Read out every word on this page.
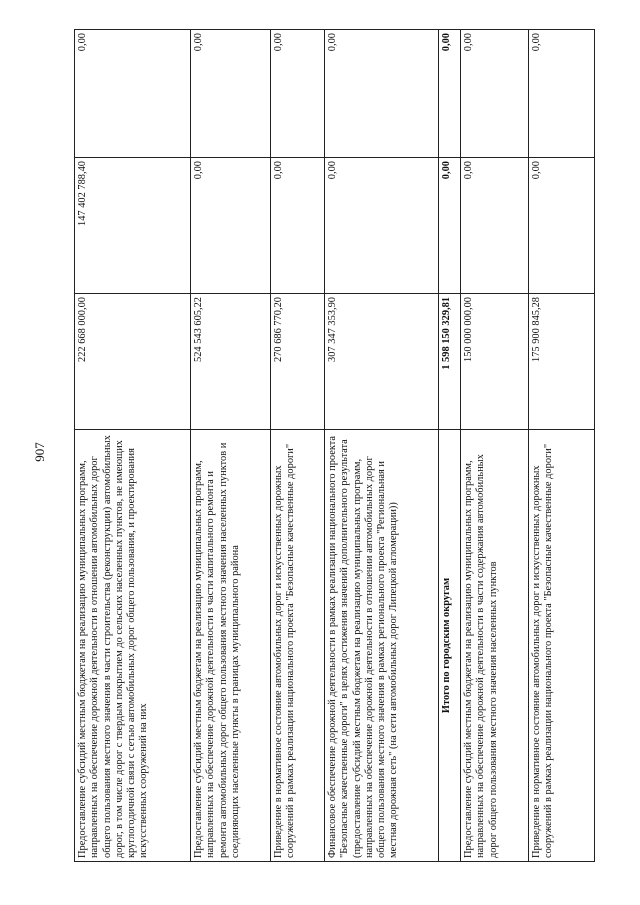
907
Предоставление субсидий местным бюджетам на реализацию муниципальных программ, направленных на обеспечение дорожной деятельности в отношении автомобильных дорог общего пользования местного значения в части строительства (реконструкции) автомобильных дорог, в том числе дорог с твердым покрытием до сельских населенных пунктов, не имеющих круглогодичной связи с сетью автомобильных дорог общего пользования, и проектирования искусственных сооружений на них	222 668 000,00	147 402 788,40	0,00
Предоставление субсидий местным бюджетам на реализацию муниципальных программ, направленных на обеспечение дорожной деятельности в части капитального ремонта и ремонта автомобильных дорог общего пользования местного значения населенных пунктов и соединяющих населенные пункты в границах муниципального района	524 543 605,22	0,00	0,00
Приведение в нормативное состояние автомобильных дорог и искусственных дорожных сооружений в рамках реализации национального проекта "Безопасные качественные дороги"	270 686 770,20	0,00	0,00
Финансовое обеспечение дорожной деятельности в рамках реализации национального проекта "Безопасные качественные дороги" в целях достижения значений дополнительного результата (предоставление субсидий местным бюджетам на реализацию муниципальных программ, направленных на обеспечение дорожной деятельности в отношении автомобильных дорог общего пользования местного значения в рамках регионального проекта "Региональная и местная дорожная сеть" (на сети автомобильных дорог Липецкой агломерации))	307 347 353,90	0,00	0,00
Итого по городским округам	1 598 150 329,81	0,00	0,00
Предоставление субсидий местным бюджетам на реализацию муниципальных программ, направленных на обеспечение дорожной деятельности в части содержания автомобильных дорог общего пользования местного значения населенных пунктов	150 000 000,00	0,00	0,00
Приведение в нормативное состояние автомобильных дорог и искусственных дорожных сооружений в рамках реализации национального проекта "Безопасные качественные дороги"	175 900 845,28	0,00	0,00
